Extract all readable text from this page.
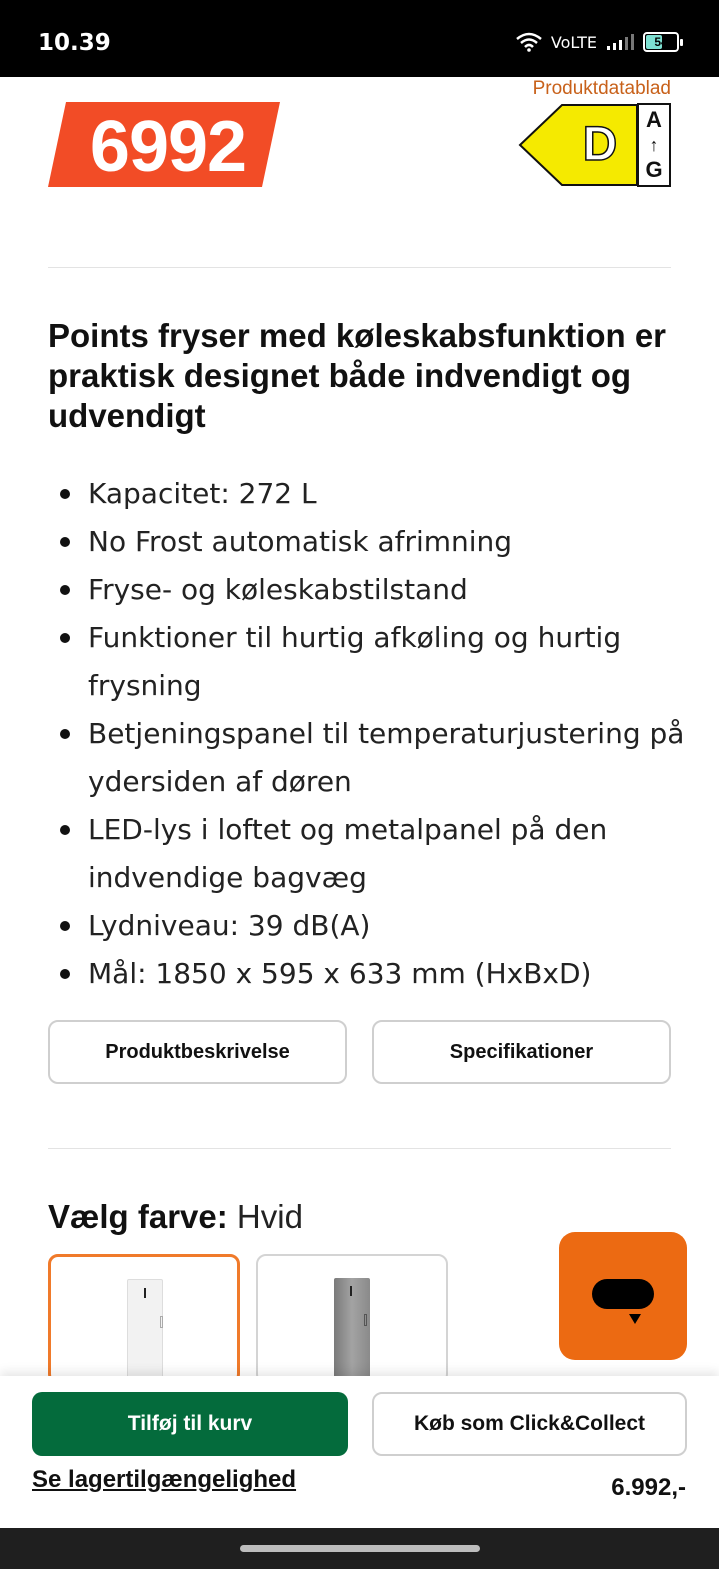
10.39	VoLTE	54
6992
Produktdatablad
D	A
↑
G
Points fryser med køleskabsfunktion er praktisk designet både indvendigt og udvendigt
Kapacitet: 272 L
No Frost automatisk afrimning
Fryse- og køleskabstilstand
Funktioner til hurtig afkøling og hurtig frysning
Betjeningspanel til temperaturjustering på ydersiden af døren
LED-lys i loftet og metalpanel på den indvendige bagvæg
Lydniveau: 39 dB(A)
Mål: 1850 x 595 x 633 mm (HxBxD)
Produktbeskrivelse	Specifikationer
Vælg farve: Hvid
Tilføj til kurv	Køb som Click&Collect
Se lagertilgængelighed	6.992,-
